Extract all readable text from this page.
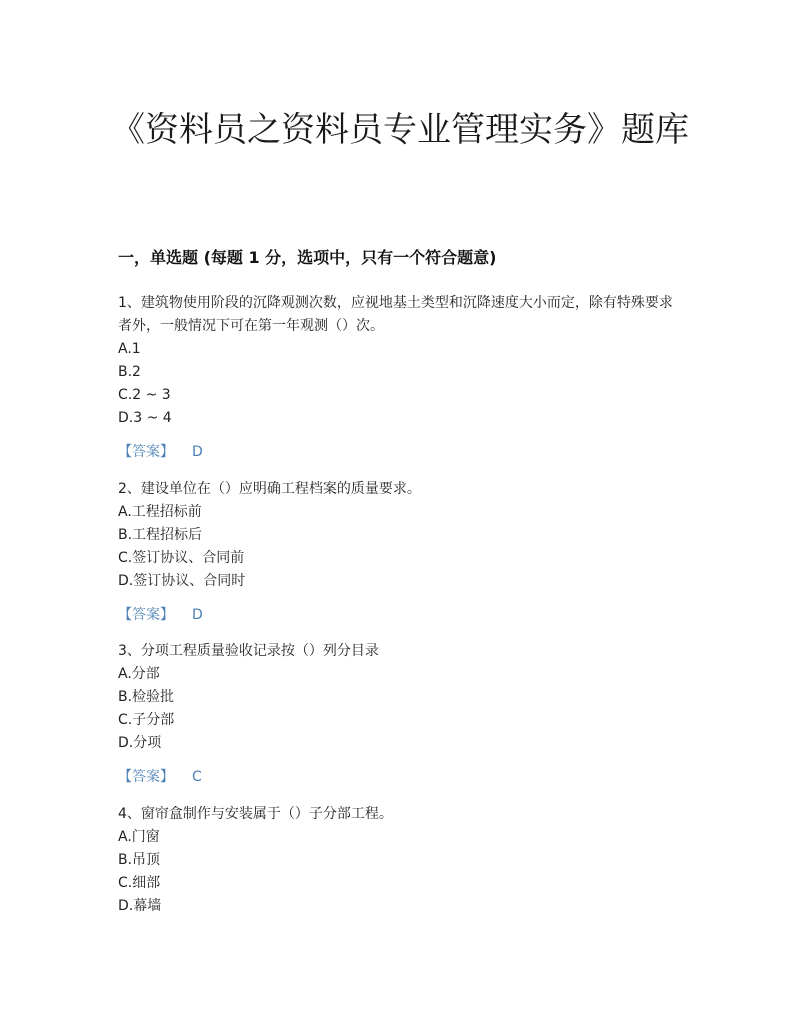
《资料员之资料员专业管理实务》题库
一，单选题 (每题 1 分，选项中，只有一个符合题意)

1、建筑物使用阶段的沉降观测次数，应视地基土类型和沉降速度大小而定，除有特殊要求者外，一般情况下可在第一年观测（）次。

A.1

B.2

C.2 ~ 3

D.3 ~ 4

【答案】 D

2、建设单位在（）应明确工程档案的质量要求。

A.工程招标前

B.工程招标后

C.签订协议、合同前

D.签订协议、合同时

【答案】 D

3、分项工程质量验收记录按（）列分目录

A.分部

B.检验批

C.子分部

D.分项

【答案】 C

4、窗帘盒制作与安装属于（）子分部工程。

A.门窗

B.吊顶

C.细部

D.幕墙
